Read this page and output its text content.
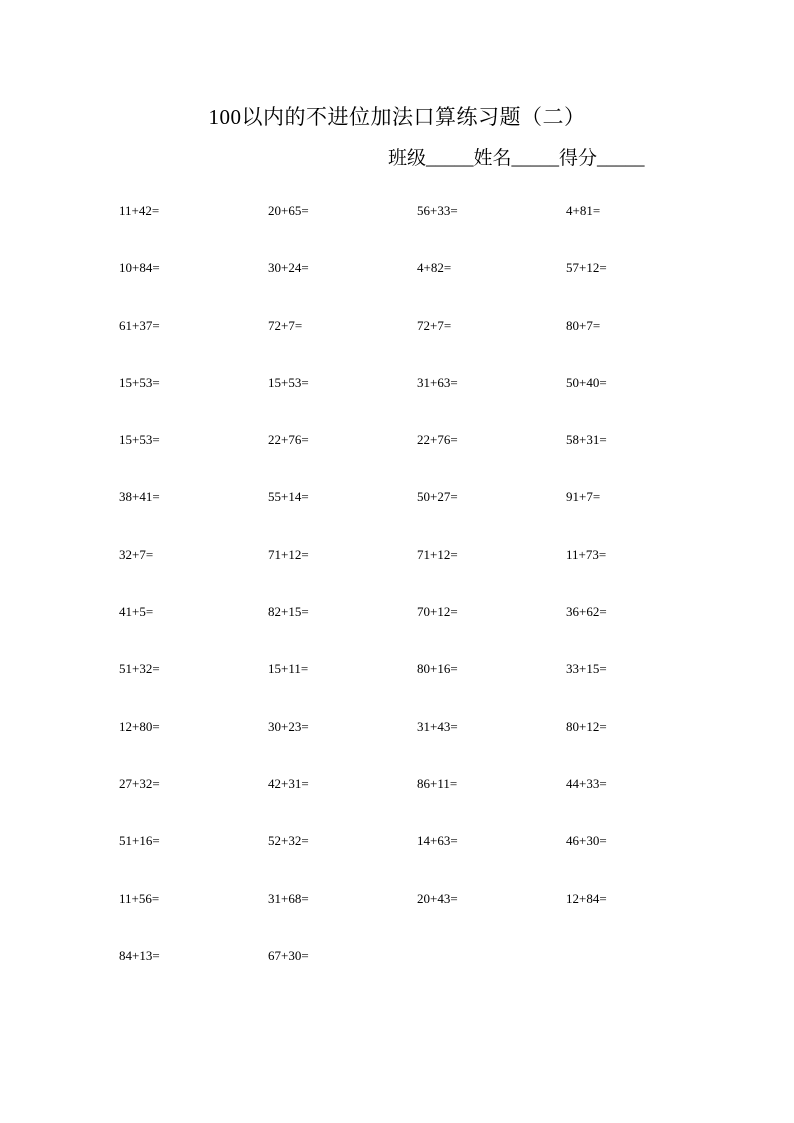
100以内的不进位加法口算练习题（二）
班级_____姓名_____得分_____
11+42=	20+65=	56+33=	4+81=
10+84=	30+24=	4+82=	57+12=
61+37=	72+7=	72+7=	80+7=
15+53=	15+53=	31+63=	50+40=
15+53=	22+76=	22+76=	58+31=
38+41=	55+14=	50+27=	91+7=
32+7=	71+12=	71+12=	11+73=
41+5=	82+15=	70+12=	36+62=
51+32=	15+11=	80+16=	33+15=
12+80=	30+23=	31+43=	80+12=
27+32=	42+31=	86+11=	44+33=
51+16=	52+32=	14+63=	46+30=
11+56=	31+68=	20+43=	12+84=
84+13=	67+30=
